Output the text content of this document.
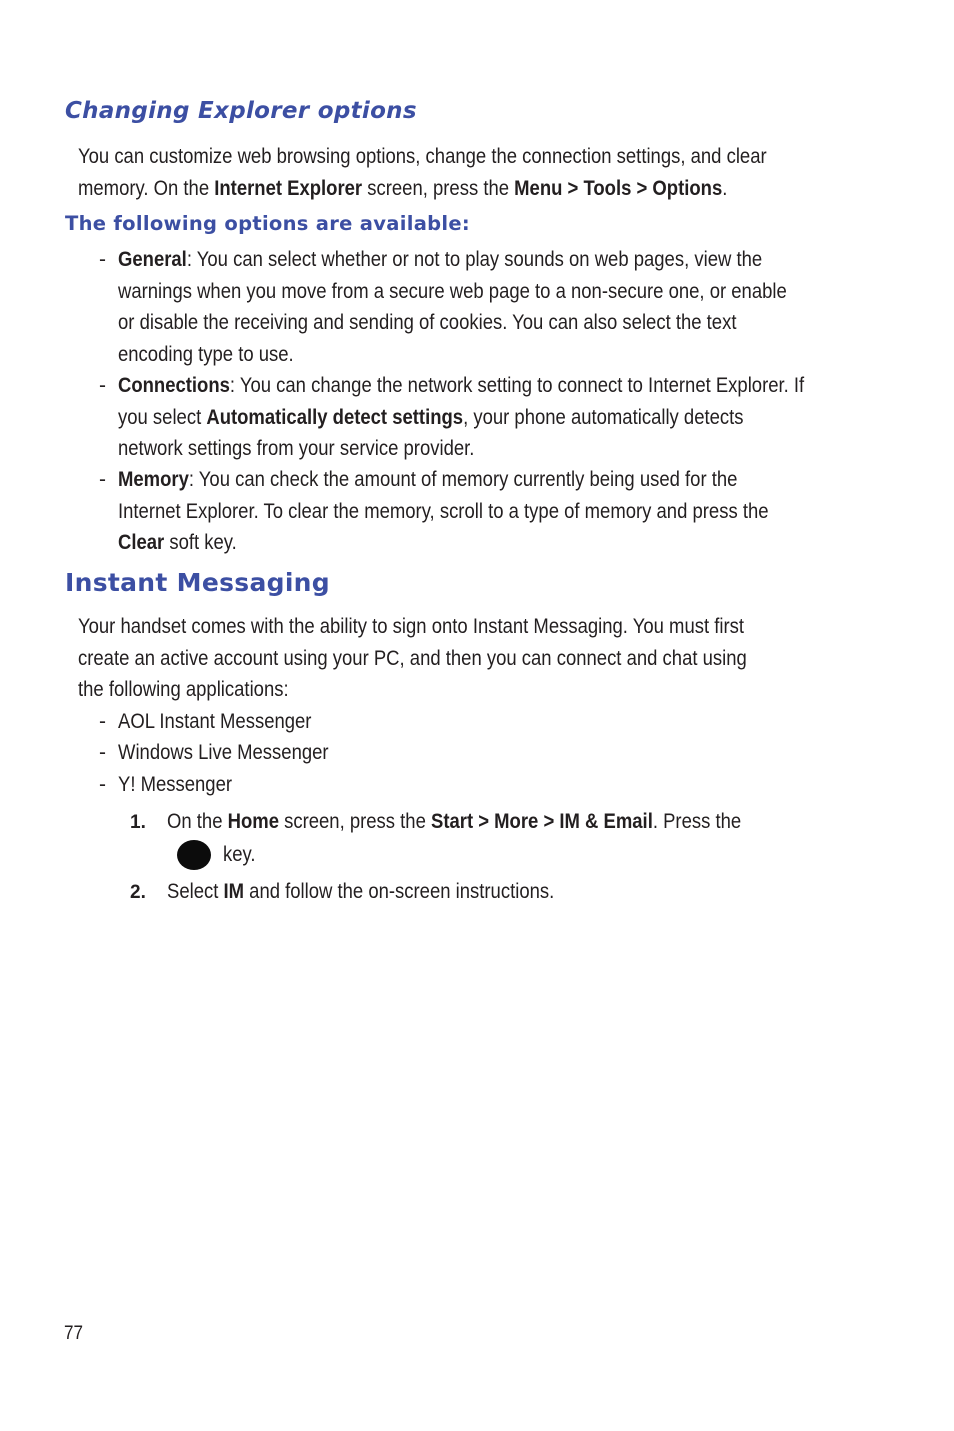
Changing Explorer options

You can customize web browsing options, change the connection settings, and clear
memory. On the Internet Explorer screen, press the Menu > Tools > Options.

The following options are available:
- General: You can select whether or not to play sounds on web pages, view the
warnings when you move from a secure web page to a non-secure one, or enable
or disable the receiving and sending of cookies. You can also select the text
encoding type to use.
- Connections: You can change the network setting to connect to Internet Explorer. If
you select Automatically detect settings, your phone automatically detects
network settings from your service provider.
- Memory: You can check the amount of memory currently being used for the
Internet Explorer. To clear the memory, scroll to a type of memory and press the
Clear soft key.
Instant Messaging

Your handset comes with the ability to sign onto Instant Messaging. You must first
create an active account using your PC, and then you can connect and chat using
the following applications:

- AOL Instant Messenger
- Windows Live Messenger
- Y! Messenger
1. On the Home screen, press the Start > More > IM & Email. Press the
key.
2. Select IM and follow the on-screen instructions.
77
